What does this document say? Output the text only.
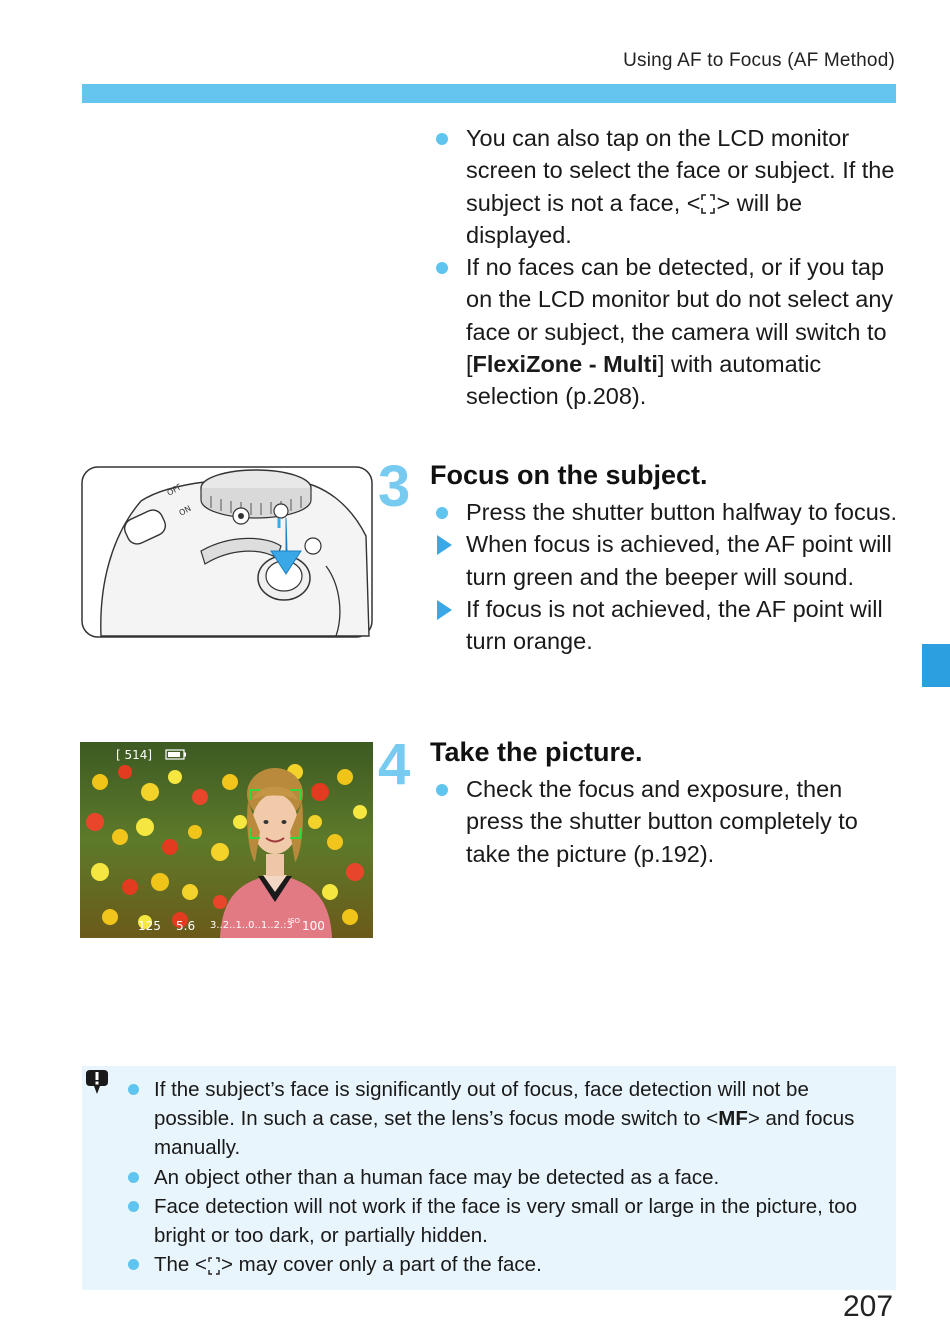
Using AF to Focus (AF Method)
You can also tap on the LCD monitor screen to select the face or subject. If the subject is not a face, < > will be displayed.
If no faces can be detected, or if you tap on the LCD monitor but do not select any face or subject, the camera will switch to [FlexiZone - Multi] with automatic selection (p.208).
3 Focus on the subject.
Press the shutter button halfway to focus.
When focus is achieved, the AF point will turn green and the beeper will sound.
If focus is not achieved, the AF point will turn orange.
OFF
ON
4 Take the picture.
Check the focus and exposure, then press the shutter button completely to take the picture (p.192).
[ 514]
125 5.6 3..2..1..0..1..2.:3
ISO 100
If the subject’s face is significantly out of focus, face detection will not be possible. In such a case, set the lens’s focus mode switch to <MF> and focus manually.
An object other than a human face may be detected as a face.
Face detection will not work if the face is very small or large in the picture, too bright or too dark, or partially hidden.
The < > may cover only a part of the face.
207
